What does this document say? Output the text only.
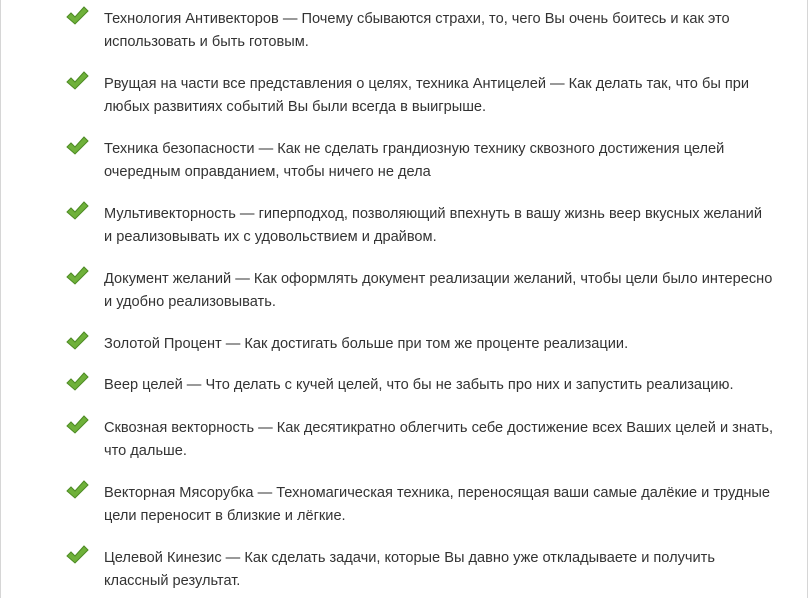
Технология Антивекторов — Почему сбываются страхи, то, чего Вы очень боитесь и как это использовать и быть готовым.

Рвущая на части все представления о целях, техника Антицелей — Как делать так, что бы при любых развитиях событий Вы были всегда в выигрыше.

Техника безопасности — Как не сделать грандиозную технику сквозного достижения целей очередным оправданием, чтобы ничего не дела

Мультивекторность — гиперподход, позволяющий впехнуть в вашу жизнь веер вкусных желаний и реализовывать их с удовольствием и драйвом.

Документ желаний — Как оформлять документ реализации желаний, чтобы цели было интересно и удобно реализовывать.

Золотой Процент — Как достигать больше при том же проценте реализации.

Веер целей — Что делать с кучей целей, что бы не забыть про них и запустить реализацию.

Сквозная векторность — Как десятикратно облегчить себе достижение всех Ваших целей и знать, что дальше.

Векторная Мясорубка — Техномагическая техника, переносящая ваши самые далёкие и трудные цели переносит в близкие и лёгкие.

Целевой Кинезис — Как сделать задачи, которые Вы давно уже откладываете и получить классный результат.
